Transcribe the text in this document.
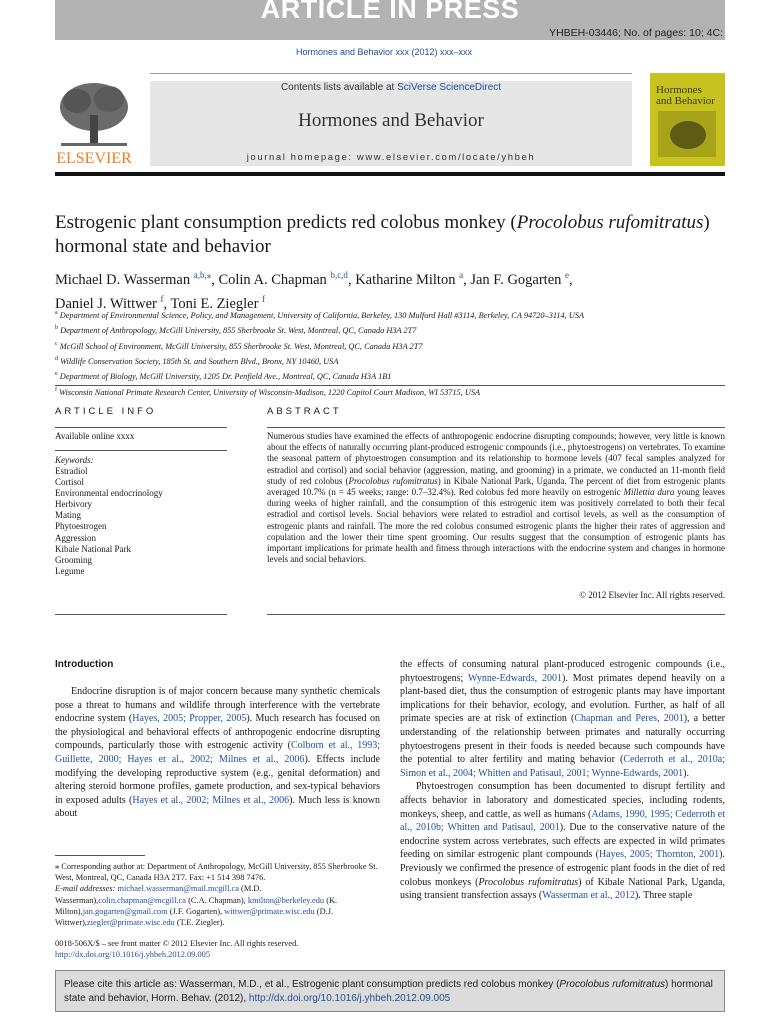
ARTICLE IN PRESS
YHBEH-03446; No. of pages: 10; 4C:
Hormones and Behavior xxx (2012) xxx–xxx
ELSEVIER
Contents lists available at SciVerse ScienceDirect
Hormones and Behavior
journal homepage: www.elsevier.com/locate/yhbeh
Hormones
and Behavior
Estrogenic plant consumption predicts red colobus monkey (Procolobus rufomitratus)
hormonal state and behavior
Michael D. Wasserman $^{a,b,⁎}$, Colin A. Chapman $^{b,c,d}$, Katharine Milton $^a$, Jan F. Gogarten $^e$,
Daniel J. Wittwer $^f$, Toni E. Ziegler $^f$
$^a$ Department of Environmental Science, Policy, and Management, University of California, Berkeley, 130 Mulford Hall #3114, Berkeley, CA 94720–3114, USA
$^b$ Department of Anthropology, McGill University, 855 Sherbrooke St. West, Montreal, QC, Canada H3A 2T7
$^c$ McGill School of Environment, McGill University, 855 Sherbrooke St. West, Montreal, QC, Canada H3A 2T7
$^d$ Wildlife Conservation Society, 185th St. and Southern Blvd., Bronx, NY 10460, USA
$^e$ Department of Biology, McGill University, 1205 Dr. Penfield Ave., Montreal, QC, Canada H3A 1B1
$^f$ Wisconsin National Primate Research Center, University of Wisconsin-Madison, 1220 Capitol Court Madison, WI 53715, USA
ARTICLE INFO
Available online xxxx
Keywords:
Estradiol
Cortisol
Environmental endocrinology
Herbivory
Mating
Phytoestrogen
Aggression
Kibale National Park
Grooming
Legume
ABSTRACT
Numerous studies have examined the effects of anthropogenic endocrine disrupting compounds; however, very little is known about the effects of naturally occurring plant-produced estrogenic compounds (i.e., phytoestrogens) on vertebrates. To examine the seasonal pattern of phytoestrogen consumption and its relationship to hormone levels (407 fecal samples analyzed for estradiol and cortisol) and social behavior (aggression, mating, and grooming) in a primate, we conducted an 11-month field study of red colobus (Procolobus rufomitratus) in Kibale National Park, Uganda. The percent of diet from estrogenic plants averaged 10.7% (n = 45 weeks; range: 0.7–32.4%). Red colobus fed more heavily on estrogenic Millettia dura young leaves during weeks of higher rainfall, and the consumption of this estrogenic item was positively correlated to both their fecal estradiol and cortisol levels. Social behaviors were related to estradiol and cortisol levels, as well as the consumption of estrogenic plants and rainfall. The more the red colobus consumed estrogenic plants the higher their rates of aggression and copulation and the lower their time spent grooming. Our results suggest that the consumption of estrogenic plants has important implications for primate health and fitness through interactions with the endocrine system and changes in hormone levels and social behaviors.
© 2012 Elsevier Inc. All rights reserved.
Introduction
Endocrine disruption is of major concern because many synthetic chemicals pose a threat to humans and wildlife through interference with the vertebrate endocrine system (Hayes, 2005; Propper, 2005). Much research has focused on the physiological and behavioral effects of anthropogenic endocrine disrupting compounds, particularly those with estrogenic activity (Colborn et al., 1993; Guillette, 2000; Hayes et al., 2002; Milnes et al., 2006). Effects include modifying the developing reproductive system (e.g., genital deformation) and altering steroid hormone profiles, gamete production, and sex-typical behaviors in exposed adults (Hayes et al., 2002; Milnes et al., 2006). Much less is known about
the effects of consuming natural plant-produced estrogenic compounds (i.e., phytoestrogens; Wynne-Edwards, 2001). Most primates depend heavily on a plant-based diet, thus the consumption of estrogenic plants may have important implications for their behavior, ecology, and evolution. Further, as half of all primate species are at risk of extinction (Chapman and Peres, 2001), a better understanding of the relationship between primates and naturally occurring phytoestrogens present in their foods is needed because such compounds have the potential to alter fertility and mating behavior (Cederroth et al., 2010a; Simon et al., 2004; Whitten and Patisaul, 2001; Wynne-Edwards, 2001).
Phytoestrogen consumption has been documented to disrupt fertility and affects behavior in laboratory and domesticated species, including rodents, monkeys, sheep, and cattle, as well as humans (Adams, 1990, 1995; Cederroth et al., 2010b; Whitten and Patisaul, 2001). Due to the conservative nature of the endocrine system across vertebrates, such effects are expected in wild primates feeding on similar estrogenic plant compounds (Hayes, 2005; Thornton, 2001). Previously we confirmed the presence of estrogenic plant foods in the diet of red colobus monkeys (Procolobus rufomitratus) of Kibale National Park, Uganda, using transient transfection assays (Wasserman et al., 2012). Three staple
⁎ Corresponding author at: Department of Anthropology, McGill University, 855 Sherbrooke St. West, Montreal, QC, Canada H3A 2T7. Fax: +1 514 398 7476.
E-mail addresses: michael.wasserman@mail.mcgill.ca (M.D. Wasserman),colin.chapman@mcgill.ca (C.A. Chapman), kmilton@berkeley.edu (K. Milton),jan.gogarten@gmail.com (J.F. Gogarten), wittwer@primate.wisc.edu (D.J. Wittwer),ziegler@primate.wisc.edu (T.E. Ziegler).
0018-506X/$ – see front matter © 2012 Elsevier Inc. All rights reserved.
http://dx.doi.org/10.1016/j.yhbeh.2012.09.005
Please cite this article as: Wasserman, M.D., et al., Estrogenic plant consumption predicts red colobus monkey (Procolobus rufomitratus) hormonal state and behavior, Horm. Behav. (2012), http://dx.doi.org/10.1016/j.yhbeh.2012.09.005
